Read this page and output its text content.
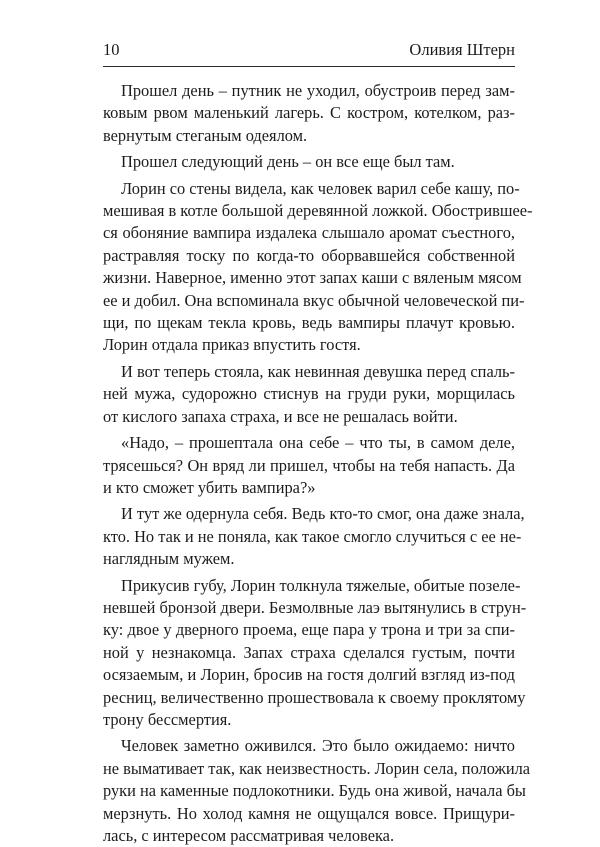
10	Оливия Штерн

Прошел день – путник не уходил, обустроив перед зам-
ковым рвом маленький лагерь. С костром, котелком, раз-
вернутым стеганым одеялом.

Прошел следующий день – он все еще был там.

Лорин со стены видела, как человек варил себе кашу, по-
мешивая в котле большой деревянной ложкой. Обострившеe-
ся обоняние вампира издалека слышало аромат съестного,
растравляя тоску по когда-то оборвавшейся собственной
жизни. Наверное, именно этот запах каши с вяленым мясом
ее и добил. Она вспоминала вкус обычной человеческой пи-
щи, по щекам текла кровь, ведь вампиры плачут кровью.
Лорин отдала приказ впустить гостя.

И вот теперь стояла, как невинная девушка перед спаль-
ней мужа, судорожно стиснув на груди руки, морщилась
от кислого запаха страха, и все не решалась войти.

«Надо, – прошептала она себе – что ты, в самом деле,
трясешься? Он вряд ли пришел, чтобы на тебя напасть. Да
и кто сможет убить вампира?»

И тут же одернула себя. Ведь кто-то смог, она даже знала,
кто. Но так и не поняла, как такое смогло случиться с ее не-
наглядным мужем.

Прикусив губу, Лорин толкнула тяжелые, обитые позеле-
невшей бронзой двери. Безмолвные лаэ вытянулись в струн-
ку: двое у дверного проема, еще пара у трона и три за спи-
ной у незнакомца. Запах страха сделался густым, почти
осязаемым, и Лорин, бросив на гостя долгий взгляд из-под
ресниц, величественно прошествовала к своему проклятому
трону бессмертия.

Человек заметно оживился. Это было ожидаемо: ничто
не вымативает так, как неизвестность. Лорин села, положила
руки на каменные подлокотники. Будь она живой, начала бы
мерзнуть. Но холод камня не ощущался вовсе. Прищури-
лась, с интересом рассматривая человека.
